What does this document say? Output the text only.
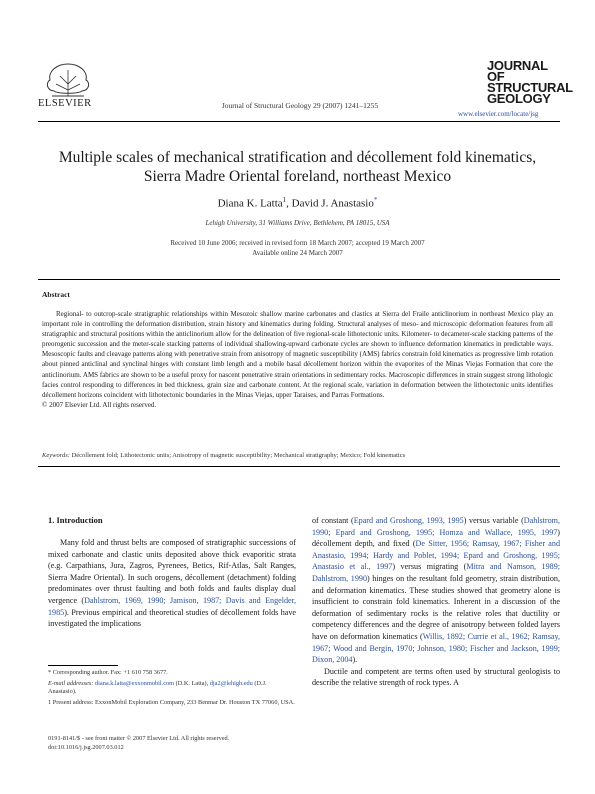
ELSEVIER	Journal of Structural Geology 29 (2007) 1241–1255
JOURNAL OF
STRUCTURAL
GEOLOGY
www.elsevier.com/locate/jsg
Multiple scales of mechanical stratification and décollement fold kinematics, Sierra Madre Oriental foreland, northeast Mexico
Diana K. Latta$^1$, David J. Anastasio*
Lehigh University, 31 Williams Drive, Bethlehem, PA 18015, USA
Received 10 June 2006; received in revised form 18 March 2007; accepted 19 March 2007
Available online 24 March 2007
Abstract

Regional- to outcrop-scale stratigraphic relationships within Mesozoic shallow marine carbonates and clastics at Sierra del Fraile anticlinorium in northeast Mexico play an important role in controlling the deformation distribution, strain history and kinematics during folding. Structural analyses of meso- and microscopic deformation features from all stratigraphic and structural positions within the anticlinorium allow for the delineation of five regional-scale lithotectonic units. Kilometer- to decameter-scale stacking patterns of the preorogenic succession and the meter-scale stacking patterns of individual shallowing-upward carbonate cycles are shown to influence deformation kinematics in predictable ways. Mesoscopic faults and cleavage patterns along with penetrative strain from anisotropy of magnetic susceptibility (AMS) fabrics constrain fold kinematics as progressive limb rotation about pinned anticlinal and synclinal hinges with constant limb length and a mobile basal décollement horizon within the evaporites of the Minas Viejas Formation that core the anticlinorium. AMS fabrics are shown to be a useful proxy for nascent penetrative strain orientations in sedimentary rocks. Macroscopic differences in strain suggest strong lithologic facies control responding to differences in bed thickness, grain size and carbonate content. At the regional scale, variation in deformation between the lithotectonic units identifies décollement horizons coincident with lithotectonic boundaries in the Minas Viejas, upper Taraises, and Parras Formations.

© 2007 Elsevier Ltd. All rights reserved.

Keywords: Décollement fold; Lithotectonic units; Anisotropy of magnetic susceptibility; Mechanical stratigraphy; Mexico; Fold kinematics
1. Introduction

Many fold and thrust belts are composed of stratigraphic successions of mixed carbonate and clastic units deposited above thick evaporitic strata (e.g. Carpathians, Jura, Zagros, Pyrenees, Betics, Rif-Atlas, Salt Ranges, Sierra Madre Oriental). In such orogens, décollement (detachment) folding predominates over thrust faulting and both folds and faults display dual vergence (Dahlstrom, 1969, 1990; Jamison, 1987; Davis and Engelder, 1985). Previous empirical and theoretical studies of décollement folds have investigated the implications

of constant (Epard and Groshong, 1993, 1995) versus variable (Dahlstrom, 1990; Epard and Groshong, 1995; Homza and Wallace, 1995, 1997) décollement depth, and fixed (De Sitter, 1956; Ramsay, 1967; Fisher and Anastasio, 1994; Hardy and Poblet, 1994; Epard and Groshong, 1995; Anastasio et al., 1997) versus migrating (Mitra and Namson, 1989; Dahlstrom, 1990) hinges on the resultant fold geometry, strain distribution, and deformation kinematics. These studies showed that geometry alone is insufficient to constrain fold kinematics. Inherent in a discussion of the deformation of sedimentary rocks is the relative roles that ductility or competency differences and the degree of anisotropy between folded layers have on deformation kinematics (Willis, 1892; Currie et al., 1962; Ramsay, 1967; Wood and Bergin, 1970; Johnson, 1980; Fischer and Jackson, 1999; Dixon, 2004).

Ductile and competent are terms often used by structural geologists to describe the relative strength of rock types. A

* Corresponding author. Fax: +1 610 758 3677.

E-mail addresses: diana.k.latta@exxonmobil.com (D.K. Latta), dja2@lehigh.edu (D.J. Anastasio).

1 Present address: ExxonMobil Exploration Company, 233 Benmar Dr. Houston TX 77060, USA.

0191-8141/$ - see front matter © 2007 Elsevier Ltd. All rights reserved.
doi:10.1016/j.jsg.2007.03.012
